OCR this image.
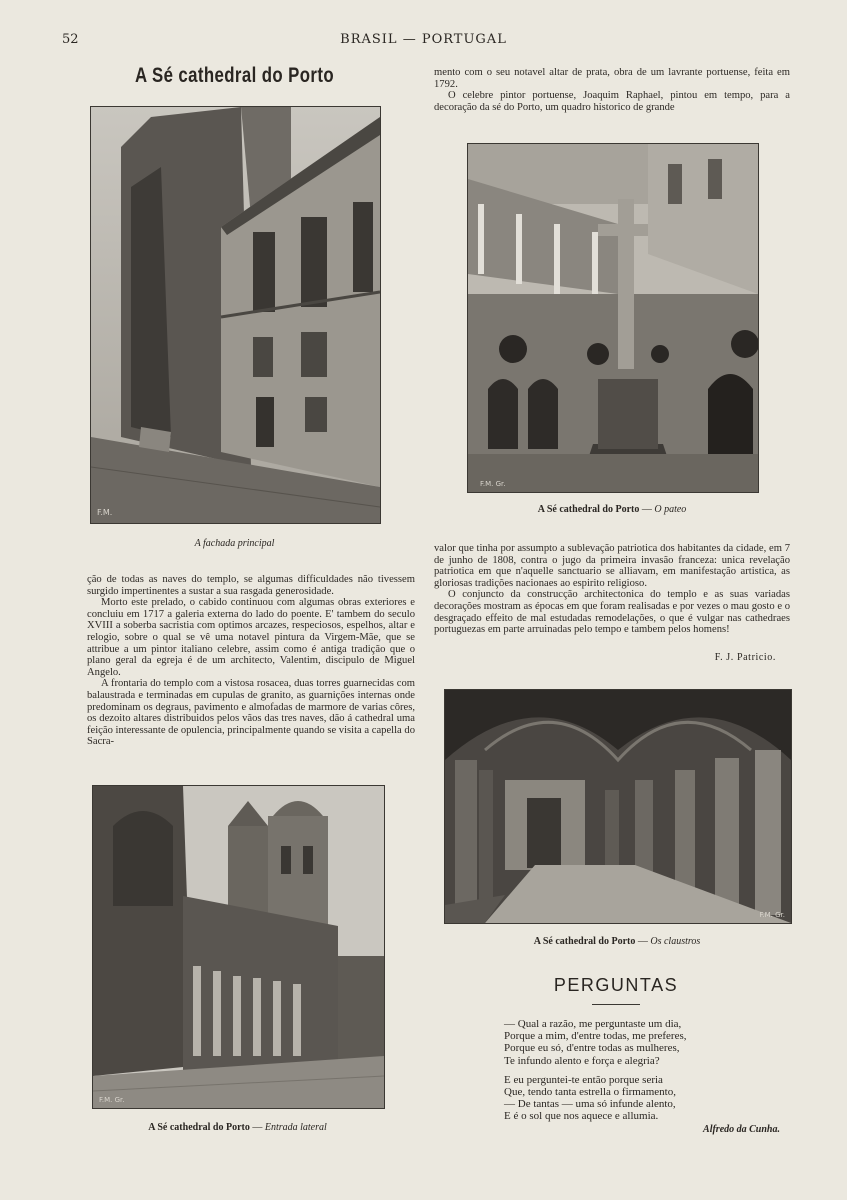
52	BRASIL — PORTUGAL
A Sé cathedral do Porto	mento com o seu notavel altar de prata, obra de um lavrante portuense, feita em 1792.

O celebre pintor portuense, Joaquim Raphael, pintou em tempo, para a decoração da sé do Porto, um quadro historico de grande

F.M.
A fachada principal
F.M. Gr.
A Sé cathedral do Porto — O pateo

valor que tinha por assumpto a sublevação patriotica dos habitantes da cidade, em 7 de junho de 1808, contra o jugo da primeira invasão franceza: unica revelação patriotica em que n'aquelle sanctuario se alliavam, em manifestação artistica, as gloriosas tradições nacionaes ao espirito religioso.

O conjuncto da construcção architectonica do templo e as suas variadas decorações mostram as épocas em que foram realisadas e por vezes o mau gosto e o desgraçado effeito de mal estudadas remodelações, o que é vulgar nas cathedraes portuguezas em parte arruinadas pelo tempo e tambem pelos homens!

F. J. Patricio.

ção de todas as naves do templo, se algumas difficuldades não tivessem surgido impertinentes a sustar a sua rasgada generosidade.

Morto este prelado, o cabido continuou com algumas obras exteriores e concluiu em 1717 a galeria externa do lado do poente. E' tambem do seculo XVIII a soberba sacristia com optimos arcazes, respeciosos, espelhos, altar e relogio, sobre o qual se vê uma notavel pintura da Virgem-Mãe, que se attribue a um pintor italiano celebre, assim como é antiga tradição que o plano geral da egreja é de um architecto, Valentim, discipulo de Miguel Angelo.

A frontaria do templo com a vistosa rosacea, duas torres guarnecidas com balaustrada e terminadas em cupulas de granito, as guarnições internas onde predominam os degraus, pavimento e almofadas de marmore de varias côres, os dezoito altares distribuidos pelos vãos das tres naves, dão á cathedral uma feição interessante de opulencia, principalmente quando se visita a capella do Sacra-

F.M. Gr.
A Sé cathedral do Porto — Os claustros
PERGUNTAS
— Qual a razão, me perguntaste um dia,
Porque a mim, d'entre todas, me preferes,
Porque eu só, d'entre todas as mulheres,
Te infundo alento e força e alegria?
E eu perguntei-te então porque seria
Que, tendo tanta estrella o firmamento,
— De tantas — uma só infunde alento,
E é o sol que nos aquece e allumia.
Alfredo da Cunha.
F.M. Gr.
A Sé cathedral do Porto — Entrada lateral
